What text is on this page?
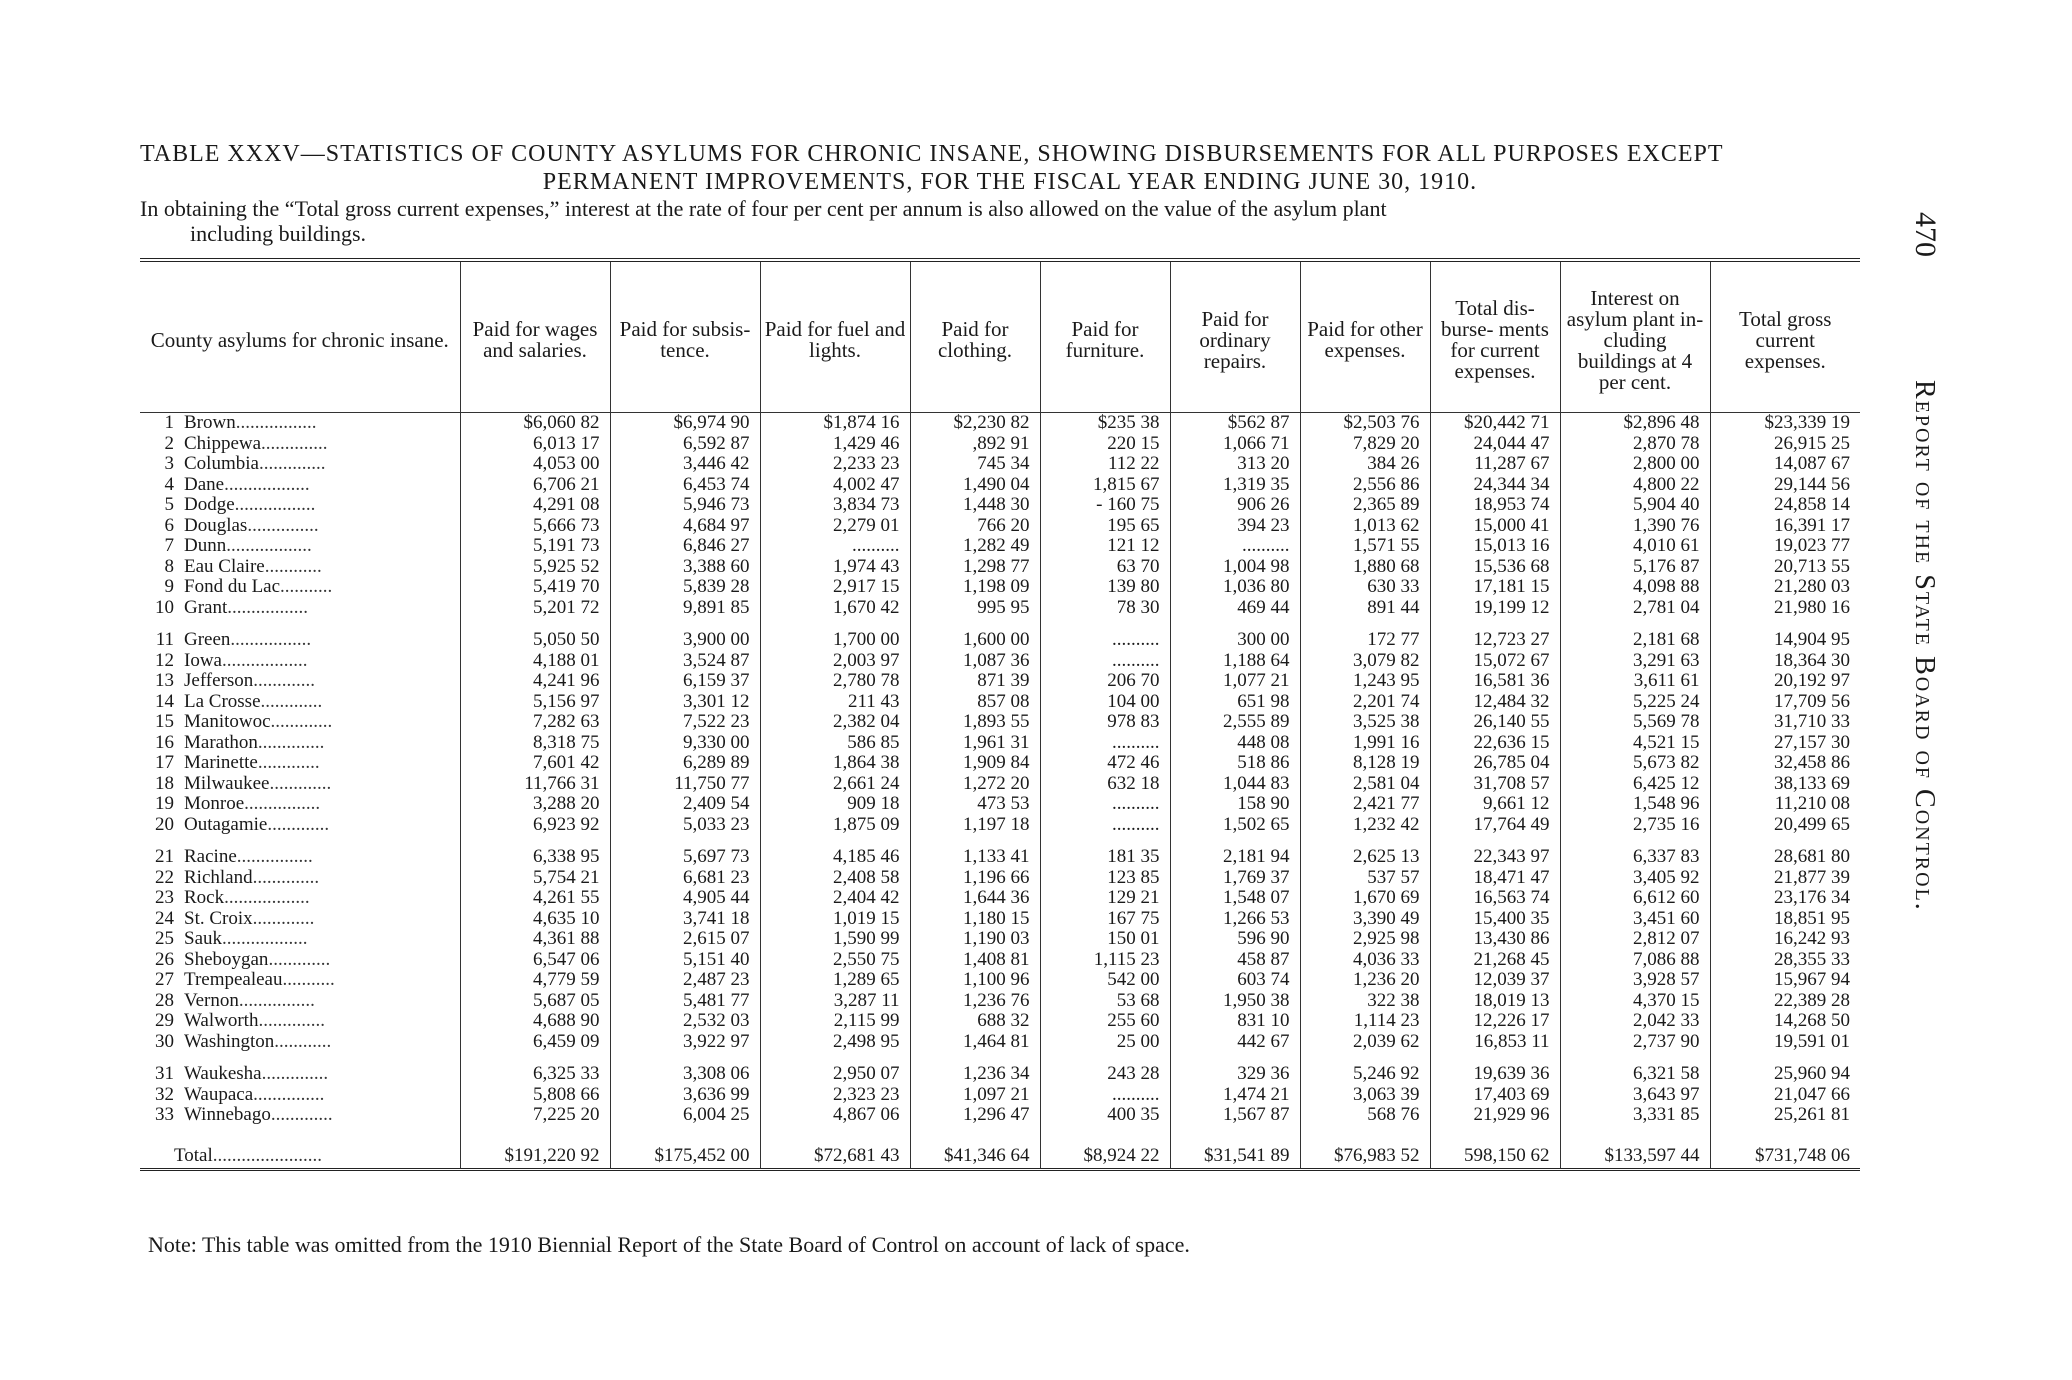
TABLE XXXV—STATISTICS OF COUNTY ASYLUMS FOR CHRONIC INSANE, SHOWING DISBURSEMENTS FOR ALL PURPOSES EXCEPT
PERMANENT IMPROVEMENTS, FOR THE FISCAL YEAR ENDING JUNE 30, 1910.
In obtaining the “Total gross current expenses,” interest at the rate of four per cent per annum is also allowed on the value of the asylum plant
including buildings.	470
Report of the State Board of Control.
County asylums for chronic insane.	Paid for wages and salaries.	Paid for subsis- tence.	Paid for fuel and lights.	Paid for clothing.	Paid for furniture.	Paid for ordinary repairs.	Paid for other expenses.	Total dis- burse- ments for current expenses.	Interest on asylum plant in- cluding buildings at 4 per cent.	Total gross current expenses.
1 Brown.................	$6,060 82	$6,974 90	$1,874 16	$2,230 82	$235 38	$562 87	$2,503 76	$20,442 71	$2,896 48	$23,339 19
2 Chippewa..............	6,013 17	6,592 87	1,429 46	,892 91	220 15	1,066 71	7,829 20	24,044 47	2,870 78	26,915 25
3 Columbia..............	4,053 00	3,446 42	2,233 23	745 34	112 22	313 20	384 26	11,287 67	2,800 00	14,087 67
4 Dane..................	6,706 21	6,453 74	4,002 47	1,490 04	1,815 67	1,319 35	2,556 86	24,344 34	4,800 22	29,144 56
5 Dodge.................	4,291 08	5,946 73	3,834 73	1,448 30	- 160 75	906 26	2,365 89	18,953 74	5,904 40	24,858 14
6 Douglas...............	5,666 73	4,684 97	2,279 01	766 20	195 65	394 23	1,013 62	15,000 41	1,390 76	16,391 17
7 Dunn..................	5,191 73	6,846 27	..........	1,282 49	121 12	..........	1,571 55	15,013 16	4,010 61	19,023 77
8 Eau Claire............	5,925 52	3,388 60	1,974 43	1,298 77	63 70	1,004 98	1,880 68	15,536 68	5,176 87	20,713 55
9 Fond du Lac...........	5,419 70	5,839 28	2,917 15	1,198 09	139 80	1,036 80	630 33	17,181 15	4,098 88	21,280 03
10 Grant.................	5,201 72	9,891 85	1,670 42	995 95	78 30	469 44	891 44	19,199 12	2,781 04	21,980 16

11 Green.................	5,050 50	3,900 00	1,700 00	1,600 00	..........	300 00	172 77	12,723 27	2,181 68	14,904 95
12 Iowa..................	4,188 01	3,524 87	2,003 97	1,087 36	..........	1,188 64	3,079 82	15,072 67	3,291 63	18,364 30
13 Jefferson.............	4,241 96	6,159 37	2,780 78	871 39	206 70	1,077 21	1,243 95	16,581 36	3,611 61	20,192 97
14 La Crosse.............	5,156 97	3,301 12	211 43	857 08	104 00	651 98	2,201 74	12,484 32	5,225 24	17,709 56
15 Manitowoc.............	7,282 63	7,522 23	2,382 04	1,893 55	978 83	2,555 89	3,525 38	26,140 55	5,569 78	31,710 33
16 Marathon..............	8,318 75	9,330 00	586 85	1,961 31	..........	448 08	1,991 16	22,636 15	4,521 15	27,157 30
17 Marinette.............	7,601 42	6,289 89	1,864 38	1,909 84	472 46	518 86	8,128 19	26,785 04	5,673 82	32,458 86
18 Milwaukee.............	11,766 31	11,750 77	2,661 24	1,272 20	632 18	1,044 83	2,581 04	31,708 57	6,425 12	38,133 69
19 Monroe................	3,288 20	2,409 54	909 18	473 53	..........	158 90	2,421 77	9,661 12	1,548 96	11,210 08
20 Outagamie.............	6,923 92	5,033 23	1,875 09	1,197 18	..........	1,502 65	1,232 42	17,764 49	2,735 16	20,499 65

21 Racine................	6,338 95	5,697 73	4,185 46	1,133 41	181 35	2,181 94	2,625 13	22,343 97	6,337 83	28,681 80
22 Richland..............	5,754 21	6,681 23	2,408 58	1,196 66	123 85	1,769 37	537 57	18,471 47	3,405 92	21,877 39
23 Rock..................	4,261 55	4,905 44	2,404 42	1,644 36	129 21	1,548 07	1,670 69	16,563 74	6,612 60	23,176 34
24 St. Croix.............	4,635 10	3,741 18	1,019 15	1,180 15	167 75	1,266 53	3,390 49	15,400 35	3,451 60	18,851 95
25 Sauk..................	4,361 88	2,615 07	1,590 99	1,190 03	150 01	596 90	2,925 98	13,430 86	2,812 07	16,242 93
26 Sheboygan.............	6,547 06	5,151 40	2,550 75	1,408 81	1,115 23	458 87	4,036 33	21,268 45	7,086 88	28,355 33
27 Trempealeau...........	4,779 59	2,487 23	1,289 65	1,100 96	542 00	603 74	1,236 20	12,039 37	3,928 57	15,967 94
28 Vernon................	5,687 05	5,481 77	3,287 11	1,236 76	53 68	1,950 38	322 38	18,019 13	4,370 15	22,389 28
29 Walworth..............	4,688 90	2,532 03	2,115 99	688 32	255 60	831 10	1,114 23	12,226 17	2,042 33	14,268 50
30 Washington............	6,459 09	3,922 97	2,498 95	1,464 81	25 00	442 67	2,039 62	16,853 11	2,737 90	19,591 01

31 Waukesha..............	6,325 33	3,308 06	2,950 07	1,236 34	243 28	329 36	5,246 92	19,639 36	6,321 58	25,960 94
32 Waupaca...............	5,808 66	3,636 99	2,323 23	1,097 21	..........	1,474 21	3,063 39	17,403 69	3,643 97	21,047 66
33 Winnebago.............	7,225 20	6,004 25	4,867 06	1,296 47	400 35	1,567 87	568 76	21,929 96	3,331 85	25,261 81

Total.......................	$191,220 92	$175,452 00	$72,681 43	$41,346 64	$8,924 22	$31,541 89	$76,983 52	598,150 62	$133,597 44	$731,748 06
Note: This table was omitted from the 1910 Biennial Report of the State Board of Control on account of lack of space.
